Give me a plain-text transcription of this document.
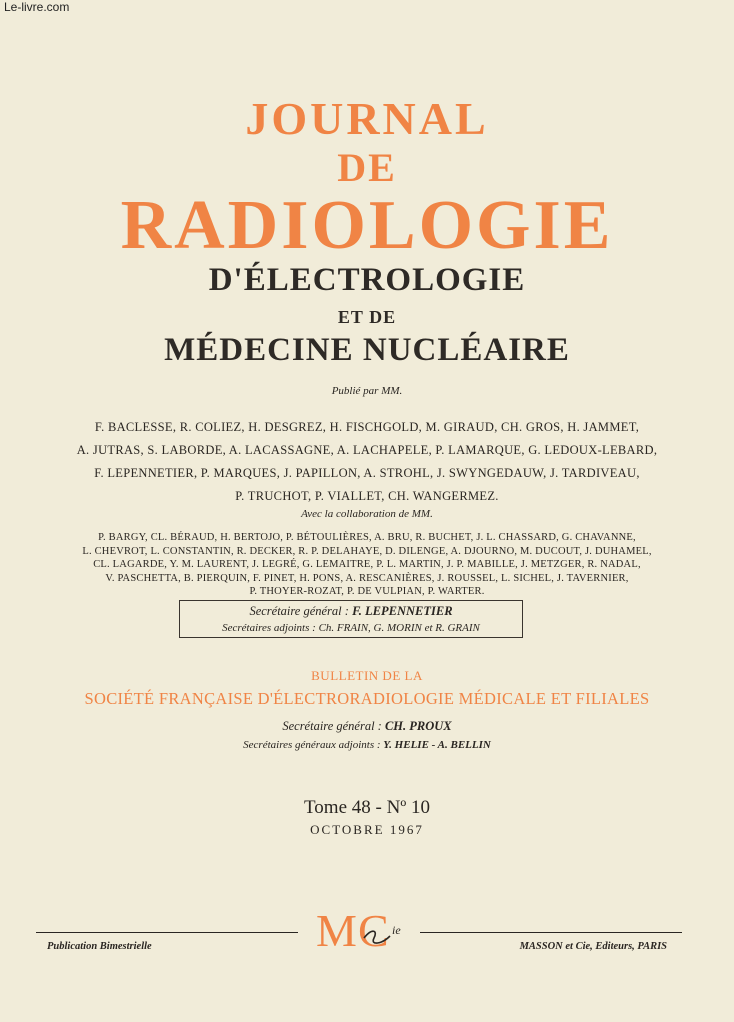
Le-livre.com
JOURNAL
DE
RADIOLOGIE
D'ÉLECTROLOGIE
ET DE
MÉDECINE NUCLÉAIRE
Publié par MM.
F. BACLESSE, R. COLIEZ, H. DESGREZ, H. FISCHGOLD, M. GIRAUD, CH. GROS, H. JAMMET,
A. JUTRAS, S. LABORDE, A. LACASSAGNE, A. LACHAPELE, P. LAMARQUE, G. LEDOUX-LEBARD,
F. LEPENNETIER, P. MARQUES, J. PAPILLON, A. STROHL, J. SWYNGEDAUW, J. TARDIVEAU,
P. TRUCHOT, P. VIALLET, CH. WANGERMEZ.
Avec la collaboration de MM.
P. BARGY, CL. BÉRAUD, H. BERTOJO, P. BÉTOULIÈRES, A. BRU, R. BUCHET, J. L. CHASSARD, G. CHAVANNE,
L. CHEVROT, L. CONSTANTIN, R. DECKER, R. P. DELAHAYE, D. DILENGE, A. DJOURNO, M. DUCOUT, J. DUHAMEL,
CL. LAGARDE, Y. M. LAURENT, J. LEGRÉ, G. LEMAITRE, P. L. MARTIN, J. P. MABILLE, J. METZGER, R. NADAL,
V. PASCHETTA, B. PIERQUIN, F. PINET, H. PONS, A. RESCANIÈRES, J. ROUSSEL, L. SICHEL, J. TAVERNIER,
P. THOYER-ROZAT, P. DE VULPIAN, P. WARTER.
Secrétaire général : F. LEPENNETIER
Secrétaires adjoints : Ch. FRAIN, G. MORIN et R. GRAIN
BULLETIN DE LA
SOCIÉTÉ FRANÇAISE D'ÉLECTRORADIOLOGIE MÉDICALE ET FILIALES
Secrétaire général : CH. PROUX
Secrétaires généraux adjoints : Y. HELIE - A. BELLIN
Tome 48 - Nº 10
OCTOBRE 1967
M C ie
Publication Bimestrielle	MASSON et Cie, Editeurs, PARIS
